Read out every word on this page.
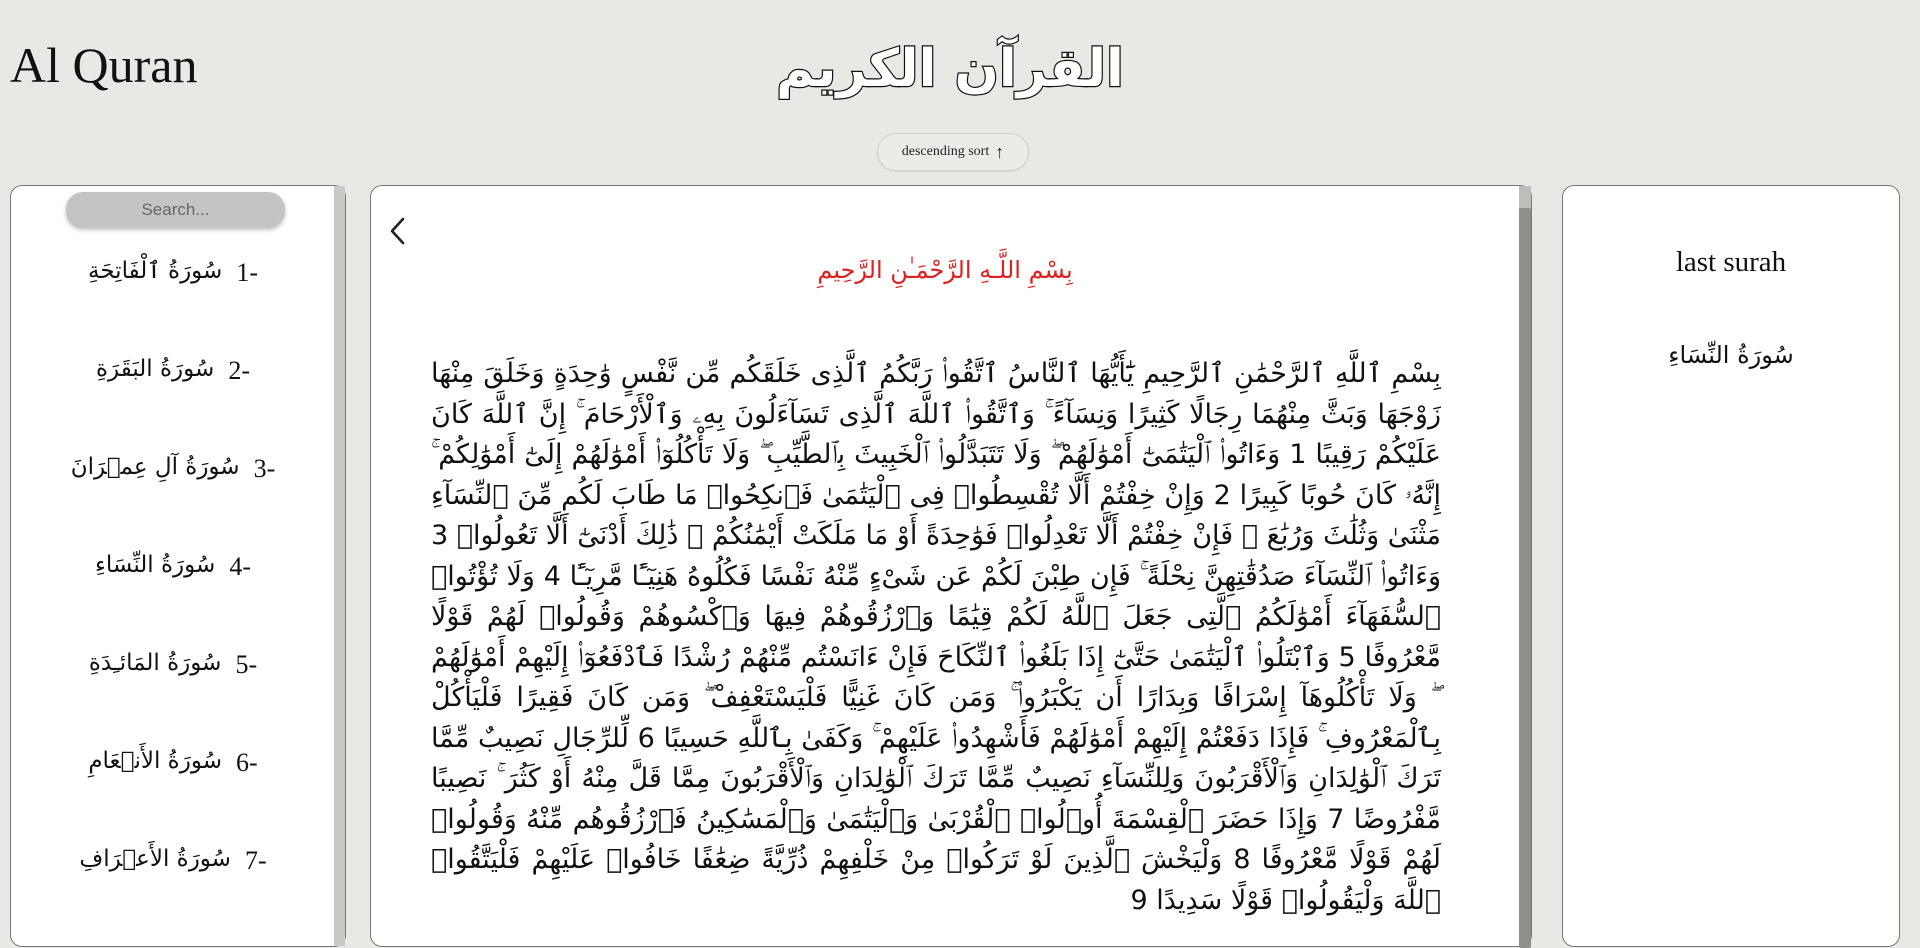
Al Quran	القرآن الكريم
descending sort ↑
Search...
سُورَةُ ٱلْفَاتِحَةِ 1-
سُورَةُ البَقَرَةِ 2-
سُورَةُ آلِ عِمۡرَانَ 3-
سُورَةُ النِّسَاءِ 4-
سُورَةُ المَائـِدَةِ 5-
سُورَةُ الأَنۡعَامِ 6-
سُورَةُ الأَعۡرَافِ 7-
بِسْمِ اللَّـهِ الرَّحْمَـٰنِ الرَّحِيمِ

بِسْمِ ٱللَّهِ ٱلرَّحْمَٰنِ ٱلرَّحِيمِ يَٰٓأَيُّهَا ٱلنَّاسُ ٱتَّقُوا۟ رَبَّكُمُ ٱلَّذِى خَلَقَكُم مِّن نَّفْسٍ وَٰحِدَةٍ وَخَلَقَ مِنْهَا زَوْجَهَا وَبَثَّ مِنْهُمَا رِجَالًا كَثِيرًا وَنِسَآءً ۚ وَٱتَّقُوا۟ ٱللَّهَ ٱلَّذِى تَسَآءَلُونَ بِهِۦ وَٱلْأَرْحَامَ ۚ إِنَّ ٱللَّهَ كَانَ عَلَيْكُمْ رَقِيبًا 1 وَءَاتُوا۟ ٱلْيَتَٰمَىٰٓ أَمْوَٰلَهُمْ ۖ وَلَا تَتَبَدَّلُوا۟ ٱلْخَبِيثَ بِٱلطَّيِّبِ ۖ وَلَا تَأْكُلُوٓا۟ أَمْوَٰلَهُمْ إِلَىٰٓ أَمْوَٰلِكُمْ ۚ إِنَّهُۥ كَانَ حُوبًا كَبِيرًا 2 وَإِنْ خِفْتُمْ أَلَّا تُقْسِطُوا۟ فِى ٱلْيَتَٰمَىٰ فَٱنكِحُوا۟ مَا طَابَ لَكُم مِّنَ ٱلنِّسَآءِ مَثْنَىٰ وَثُلَٰثَ وَرُبَٰعَ ۖ فَإِنْ خِفْتُمْ أَلَّا تَعْدِلُوا۟ فَوَٰحِدَةً أَوْ مَا مَلَكَتْ أَيْمَٰنُكُمْ ۚ ذَٰلِكَ أَدْنَىٰٓ أَلَّا تَعُولُوا۟ 3 وَءَاتُوا۟ ٱلنِّسَآءَ صَدُقَٰتِهِنَّ نِحْلَةً ۚ فَإِن طِبْنَ لَكُمْ عَن شَىْءٍ مِّنْهُ نَفْسًا فَكُلُوهُ هَنِيٓـًٔا مَّرِيٓـًٔا 4 وَلَا تُؤْتُوا۟ ٱلسُّفَهَآءَ أَمْوَٰلَكُمُ ٱلَّتِى جَعَلَ ٱللَّهُ لَكُمْ قِيَٰمًا وَٱرْزُقُوهُمْ فِيهَا وَٱكْسُوهُمْ وَقُولُوا۟ لَهُمْ قَوْلًا مَّعْرُوفًا 5 وَٱبْتَلُوا۟ ٱلْيَتَٰمَىٰ حَتَّىٰٓ إِذَا بَلَغُوا۟ ٱلنِّكَاحَ فَإِنْ ءَانَسْتُم مِّنْهُمْ رُشْدًا فَٱدْفَعُوٓا۟ إِلَيْهِمْ أَمْوَٰلَهُمْ ۖ وَلَا تَأْكُلُوهَآ إِسْرَافًا وَبِدَارًا أَن يَكْبَرُوا۟ ۚ وَمَن كَانَ غَنِيًّا فَلْيَسْتَعْفِفْ ۖ وَمَن كَانَ فَقِيرًا فَلْيَأْكُلْ بِٱلْمَعْرُوفِ ۚ فَإِذَا دَفَعْتُمْ إِلَيْهِمْ أَمْوَٰلَهُمْ فَأَشْهِدُوا۟ عَلَيْهِمْ ۚ وَكَفَىٰ بِٱللَّهِ حَسِيبًا 6 لِّلرِّجَالِ نَصِيبٌ مِّمَّا تَرَكَ ٱلْوَٰلِدَانِ وَٱلْأَقْرَبُونَ وَلِلنِّسَآءِ نَصِيبٌ مِّمَّا تَرَكَ ٱلْوَٰلِدَانِ وَٱلْأَقْرَبُونَ مِمَّا قَلَّ مِنْهُ أَوْ كَثُرَ ۚ نَصِيبًا مَّفْرُوضًا 7 وَإِذَا حَضَرَ ٱلْقِسْمَةَ أُو۟لُوا۟ ٱلْقُرْبَىٰ وَٱلْيَتَٰمَىٰ وَٱلْمَسَٰكِينُ فَٱرْزُقُوهُم مِّنْهُ وَقُولُوا۟ لَهُمْ قَوْلًا مَّعْرُوفًا 8 وَلْيَخْشَ ٱلَّذِينَ لَوْ تَرَكُوا۟ مِنْ خَلْفِهِمْ ذُرِّيَّةً ضِعَٰفًا خَافُوا۟ عَلَيْهِمْ فَلْيَتَّقُوا۟ ٱللَّهَ وَلْيَقُولُوا۟ قَوْلًا سَدِيدًا 9

last surah
سُورَةُ النِّسَاءِ
